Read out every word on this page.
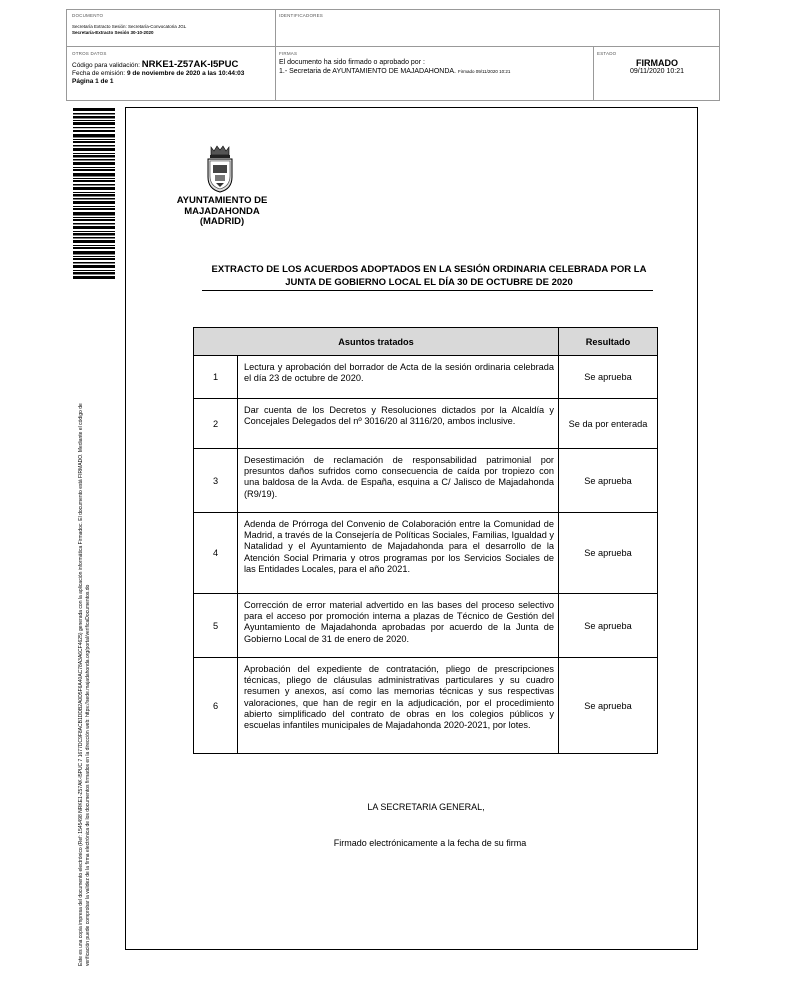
DOCUMENTO
Secretaría Extracto Sesión: Secretaría-Convocatoria JGL
Secretaría-Extracto Sesión 30-10-2020
IDENTIFICADORES
OTROS DATOS
Código para validación: NRKE1-Z57AK-I5PUC
Fecha de emisión: 9 de noviembre de 2020 a las 10:44:03
Página 1 de 1
FIRMAS
El documento ha sido firmado o aprobado por :
1.- Secretaria de AYUNTAMIENTO DE MAJADAHONDA. Firmado 09/11/2020 10:21
ESTADO
FIRMADO
09/11/2020 10:21
Este es una copia impresa del documento electrónico (Ref: 1545498 NRKE1-Z57AK-I5PUC 7 1677DC9F8ACB1DDB2A0D5F6A40AC78A3A6CF4625) generada con la aplicación informática Firmadoc. El documento está FIRMADO. Mediante el código de verificación puede comprobar la validez de la firma electrónica de los documentos firmados en la dirección web: https://sede.majadahonda.org/portal/verificaDocumentos.do
AYUNTAMIENTO DE
MAJADAHONDA
(MADRID)
EXTRACTO DE LOS ACUERDOS ADOPTADOS EN LA SESIÓN ORDINARIA CELEBRADA POR LA JUNTA DE GOBIERNO LOCAL EL DÍA 30 DE OCTUBRE DE 2020
Asuntos tratados		Resultado
1	Lectura y aprobación del borrador de Acta de la sesión ordinaria celebrada el día 23 de octubre de 2020.	Se aprueba
2	Dar cuenta de los Decretos y Resoluciones dictados por la Alcaldía y Concejales Delegados del nº 3016/20 al 3116/20, ambos inclusive.	Se da por enterada
3	Desestimación de reclamación de responsabilidad patrimonial por presuntos daños sufridos como consecuencia de caída por tropiezo con una baldosa de la Avda. de España, esquina a C/ Jalisco de Majadahonda (R9/19).	Se aprueba
4	Adenda de Prórroga del Convenio de Colaboración entre la Comunidad de Madrid, a través de la Consejería de Políticas Sociales, Familias, Igualdad y Natalidad y el Ayuntamiento de Majadahonda para el desarrollo de la Atención Social Primaria y otros programas por los Servicios Sociales de las Entidades Locales, para el año 2021.	Se aprueba
5	Corrección de error material advertido en las bases del proceso selectivo para el acceso por promoción interna a plazas de Técnico de Gestión del Ayuntamiento de Majadahonda aprobadas por acuerdo de la Junta de Gobierno Local de 31 de enero de 2020.	Se aprueba
6	Aprobación del expediente de contratación, pliego de prescripciones técnicas, pliego de cláusulas administrativas particulares y su cuadro resumen y anexos, así como las memorias técnicas y sus respectivas valoraciones, que han de regir en la adjudicación, por el procedimiento abierto simplificado del contrato de obras en los colegios públicos y escuelas infantiles municipales de Majadahonda 2020-2021, por lotes.	Se aprueba
LA SECRETARIA GENERAL,
Firmado electrónicamente a la fecha de su firma
